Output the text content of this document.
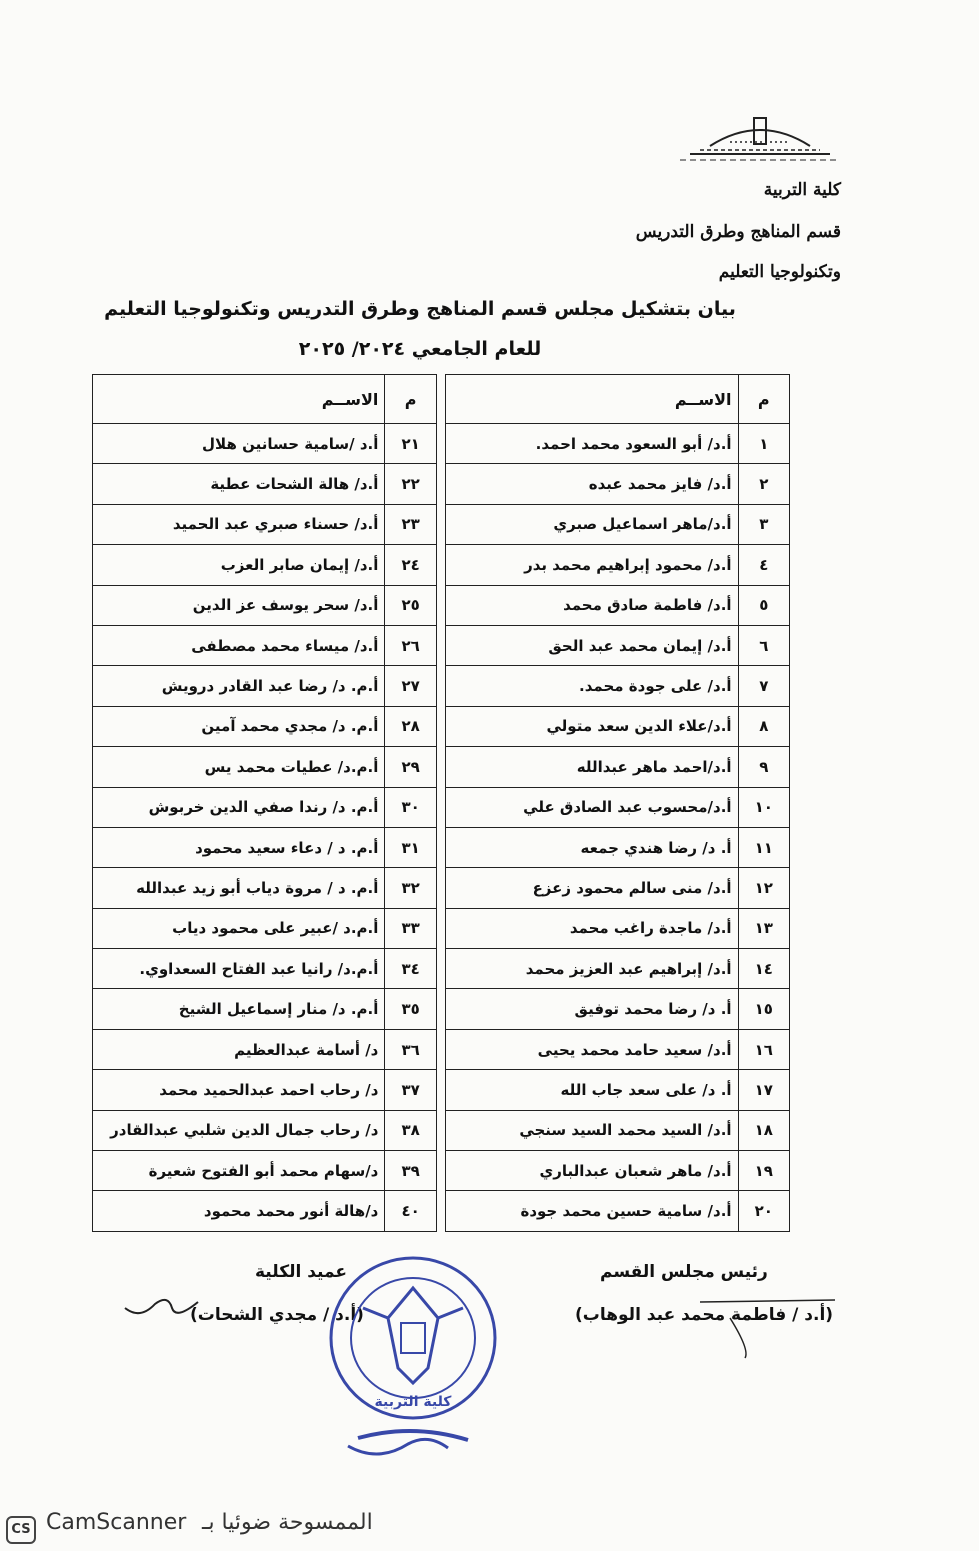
كلية التربية
قسم المناهج وطرق التدريس
وتكنولوجيا التعليم
بيان بتشكيل مجلس قسم المناهج وطرق التدريس وتكنولوجيا التعليم
للعام الجامعي ٢٠٢٤/ ٢٠٢٥
م	الاســم		م	الاســم
١	أ.د/ أبو السعود محمد احمد.		٢١	أ.د /سامية حسانين هلال
٢	أ.د/ فايز محمد عبده		٢٢	أ.د/ هالة الشحات عطية
٣	أ.د/ماهر اسماعيل صبري		٢٣	أ.د/ حسناء صبري عبد الحميد
٤	أ.د/ محمود إبراهيم محمد بدر		٢٤	أ.د/ إيمان صابر العزب
٥	أ.د/ فاطمة صادق محمد		٢٥	أ.د/ سحر يوسف عز الدين
٦	أ.د/ إيمان محمد عبد الحق		٢٦	أ.د/ ميساء محمد مصطفى
٧	أ.د/ على جودة محمد.		٢٧	أ.م. د/ رضا عبد القادر درويش
٨	أ.د/علاء الدين سعد متولي		٢٨	أ.م. د/ مجدي محمد آمين
٩	أ.د/احمد ماهر عبدالله		٢٩	أ.م.د/ عطيات محمد يس
١٠	أ.د/محسوب عبد الصادق علي		٣٠	أ.م. د/ رندا صفي الدين خربوش
١١	أ. د/ رضا هندي جمعه		٣١	أ.م. د / دعاء سعيد محمود
١٢	أ.د/ منى سالم محمود زعزع		٣٢	أ.م. د / مروة دياب أبو زيد عبدالله
١٣	أ.د/ ماجدة راغب محمد		٣٣	أ.م.د /عبير على محمود دياب
١٤	أ.د/ إبراهيم عبد العزيز محمد		٣٤	أ.م.د/ رانيا عبد الفتاح السعداوي.
١٥	أ. د/ رضا محمد توفيق		٣٥	أ.م. د/ منار إسماعيل الشيخ
١٦	أ.د/ سعيد حامد محمد يحيى		٣٦	د/ أسامة عبدالعظيم
١٧	أ. د/ على سعد جاب الله		٣٧	د/ رحاب احمد عبدالحميد محمد
١٨	أ.د/ السيد محمد السيد سنجي		٣٨	د/ رحاب جمال الدين شلبي عبدالقادر
١٩	أ.د/ ماهر شعبان عبدالباري		٣٩	د/سهام محمد أبو الفتوح شعيرة
٢٠	أ.د/ سامية حسين محمد جودة		٤٠	د/هالة أنور محمد محمود
رئيس مجلس القسم
(أ.د / فاطمة محمد عبد الوهاب)
عميد الكلية
(أ.د / مجدي الشحات)
كلية التربية
CS CamScanner الممسوحة ضوئيا بـ
